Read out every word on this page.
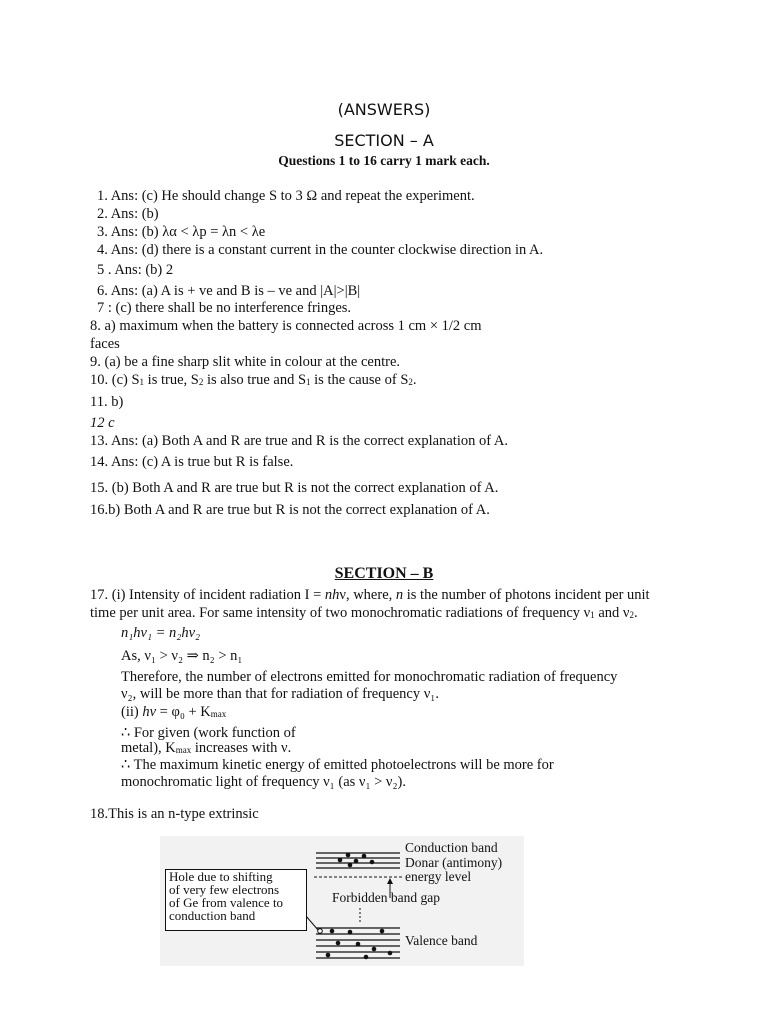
(ANSWERS)
SECTION – A
Questions 1 to 16 carry 1 mark each.
1. Ans: (c) He should change S to 3 Ω and repeat the experiment.
2. Ans: (b)
3. Ans: (b) λα < λp = λn < λe
4. Ans: (d) there is a constant current in the counter clockwise direction in A.
5 . Ans: (b) 2
6. Ans: (a) A is + ve and B is – ve and |A|>|B|
7 : (c) there shall be no interference fringes.
8. a) maximum when the battery is connected across 1 cm × 1/2 cm
faces
9. (a) be a fine sharp slit white in colour at the centre.
10. (c) $S_1$ is true, $S_2$ is also true and $S_1$ is the cause of $S_2$.
11. b)
12 c
13. Ans: (a) Both A and R are true and R is the correct explanation of A.
14. Ans: (c) A is true but R is false.
15. (b) Both A and R are true but R is not the correct explanation of A.
16.b) Both A and R are true but R is not the correct explanation of A.
SECTION – B
17. (i) Intensity of incident radiation I = nhν, where, n is the number of photons incident per unit
time per unit area. For same intensity of two monochromatic radiations of frequency $\nu_1$ and $\nu_2$.
n₁hν₁ = n₂hν₂
As, ν₁ > ν₂ ⇒ n₂ > n₁
Therefore, the number of electrons emitted for monochromatic radiation of frequency
ν₂, will be more than that for radiation of frequency ν₁.
(ii) $h\nu = \varphi_0 + K_{max}$
∴ For given (work function of
metal), $K_{max}$ increases with ν.
∴ The maximum kinetic energy of emitted photoelectrons will be more for
monochromatic light of frequency ν₁ (as ν₁ > ν₂).
18.This is an n-type extrinsic
Conduction band
Donar (antimony)
energy level
Forbidden band gap
Valence band
Hole due to shifting
of very few electrons
of Ge from valence to
conduction band
